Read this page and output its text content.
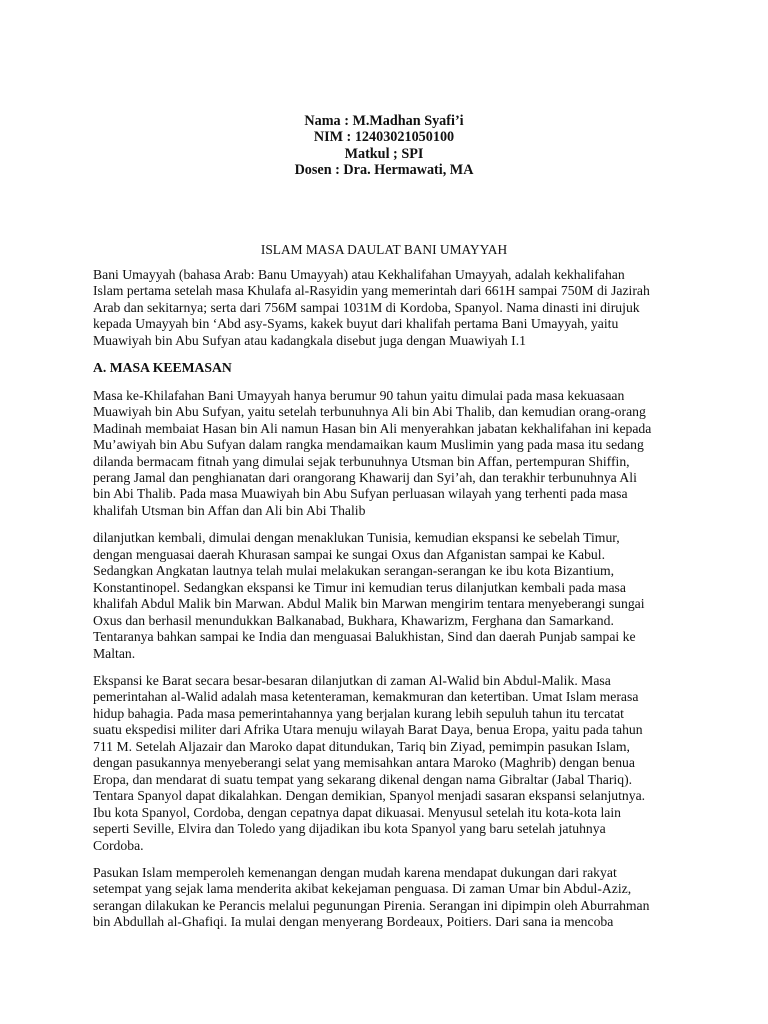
Nama : M.Madhan Syafi’i
NIM : 12403021050100
Matkul ; SPI
Dosen : Dra. Hermawati, MA
ISLAM MASA DAULAT BANI UMAYYAH

Bani Umayyah (bahasa Arab: Banu Umayyah) atau Kekhalifahan Umayyah, adalah kekhalifahan
Islam pertama setelah masa Khulafa al-Rasyidin yang memerintah dari 661H sampai 750M di Jazirah
Arab dan sekitarnya; serta dari 756M sampai 1031M di Kordoba, Spanyol. Nama dinasti ini dirujuk
kepada Umayyah bin ‘Abd asy-Syams, kakek buyut dari khalifah pertama Bani Umayyah, yaitu
Muawiyah bin Abu Sufyan atau kadangkala disebut juga dengan Muawiyah I.1

A. MASA KEEMASAN

Masa ke-Khilafahan Bani Umayyah hanya berumur 90 tahun yaitu dimulai pada masa kekuasaan
Muawiyah bin Abu Sufyan, yaitu setelah terbunuhnya Ali bin Abi Thalib, dan kemudian orang-orang
Madinah membaiat Hasan bin Ali namun Hasan bin Ali menyerahkan jabatan kekhalifahan ini kepada
Mu’awiyah bin Abu Sufyan dalam rangka mendamaikan kaum Muslimin yang pada masa itu sedang
dilanda bermacam fitnah yang dimulai sejak terbunuhnya Utsman bin Affan, pertempuran Shiffin,
perang Jamal dan penghianatan dari orangorang Khawarij dan Syi’ah, dan terakhir terbunuhnya Ali
bin Abi Thalib. Pada masa Muawiyah bin Abu Sufyan perluasan wilayah yang terhenti pada masa
khalifah Utsman bin Affan dan Ali bin Abi Thalib

dilanjutkan kembali, dimulai dengan menaklukan Tunisia, kemudian ekspansi ke sebelah Timur,
dengan menguasai daerah Khurasan sampai ke sungai Oxus dan Afganistan sampai ke Kabul.
Sedangkan Angkatan lautnya telah mulai melakukan serangan-serangan ke ibu kota Bizantium,
Konstantinopel. Sedangkan ekspansi ke Timur ini kemudian terus dilanjutkan kembali pada masa
khalifah Abdul Malik bin Marwan. Abdul Malik bin Marwan mengirim tentara menyeberangi sungai
Oxus dan berhasil menundukkan Balkanabad, Bukhara, Khawarizm, Ferghana dan Samarkand.
Tentaranya bahkan sampai ke India dan menguasai Balukhistan, Sind dan daerah Punjab sampai ke
Maltan.

Ekspansi ke Barat secara besar-besaran dilanjutkan di zaman Al-Walid bin Abdul-Malik. Masa
pemerintahan al-Walid adalah masa ketenteraman, kemakmuran dan ketertiban. Umat Islam merasa
hidup bahagia. Pada masa pemerintahannya yang berjalan kurang lebih sepuluh tahun itu tercatat
suatu ekspedisi militer dari Afrika Utara menuju wilayah Barat Daya, benua Eropa, yaitu pada tahun
711 M. Setelah Aljazair dan Maroko dapat ditundukan, Tariq bin Ziyad, pemimpin pasukan Islam,
dengan pasukannya menyeberangi selat yang memisahkan antara Maroko (Maghrib) dengan benua
Eropa, dan mendarat di suatu tempat yang sekarang dikenal dengan nama Gibraltar (Jabal Thariq).
Tentara Spanyol dapat dikalahkan. Dengan demikian, Spanyol menjadi sasaran ekspansi selanjutnya.
Ibu kota Spanyol, Cordoba, dengan cepatnya dapat dikuasai. Menyusul setelah itu kota-kota lain
seperti Seville, Elvira dan Toledo yang dijadikan ibu kota Spanyol yang baru setelah jatuhnya
Cordoba.

Pasukan Islam memperoleh kemenangan dengan mudah karena mendapat dukungan dari rakyat
setempat yang sejak lama menderita akibat kekejaman penguasa. Di zaman Umar bin Abdul-Aziz,
serangan dilakukan ke Perancis melalui pegunungan Pirenia. Serangan ini dipimpin oleh Aburrahman
bin Abdullah al-Ghafiqi. Ia mulai dengan menyerang Bordeaux, Poitiers. Dari sana ia mencoba
